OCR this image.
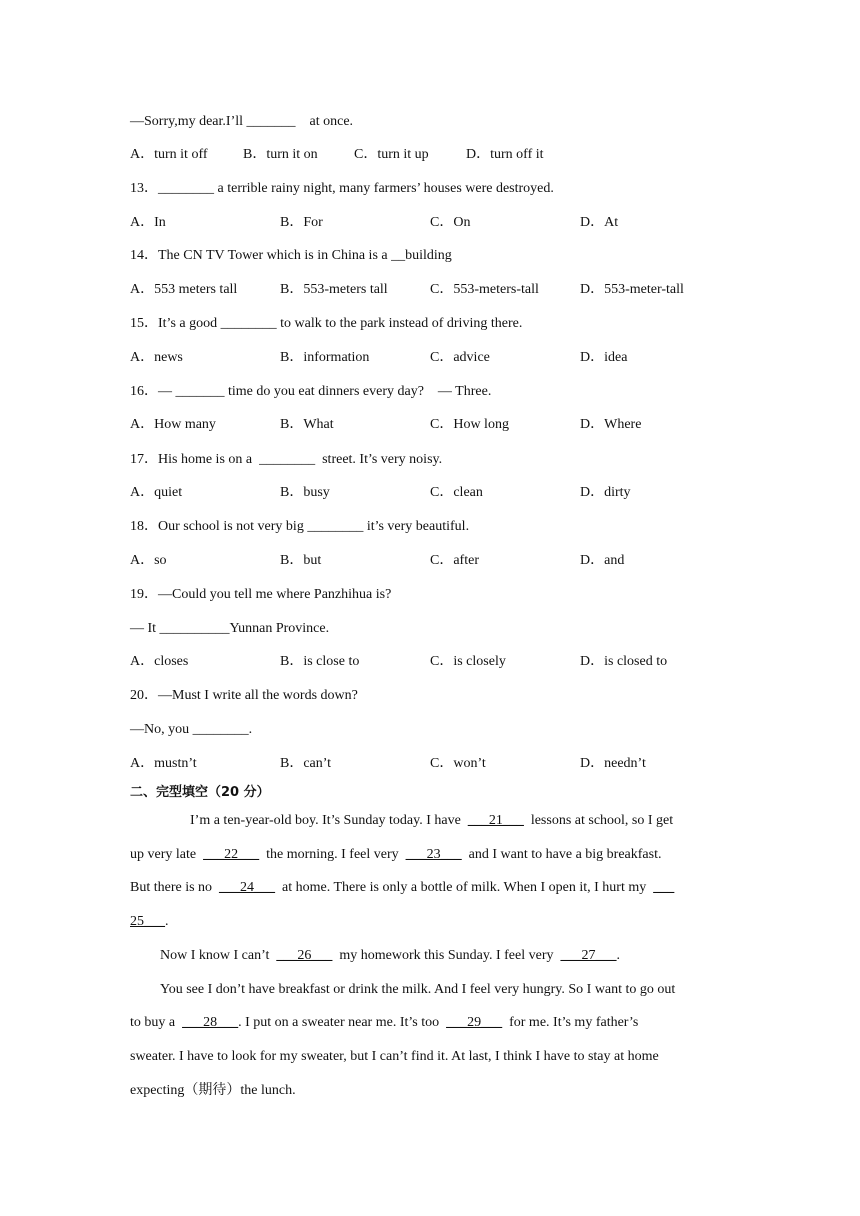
—Sorry,my dear.I’ll _______    at once.
A．turn it off	B．turn it on	C．turn it up	D．turn off it
13．________ a terrible rainy night, many farmers’ houses were destroyed.
A．In	B．For	C．On	D．At
14．The CN TV Tower which is in China is a __building
A．553 meters tall	B．553-meters tall	C．553-meters-tall	D．553-meter-tall
15．It’s a good ________ to walk to the park instead of driving there.
A．news	B．information	C．advice	D．idea
16．— _______ time do you eat dinners every day?    — Three.
A．How many	B．What	C．How long	D．Where
17．His home is on a  ________  street. It’s very noisy.
A．quiet	B．busy	C．clean	D．dirty
18．Our school is not very big ________ it’s very beautiful.
A．so	B．but	C．after	D．and
19．—Could you tell me where Panzhihua is?
— It __________Yunnan Province.
A．closes	B．is close to	C．is closely	D．is closed to
20．—Must I write all the words down?
—No, you ________.
A．mustn’t	B．can’t	C．won’t	D．needn’t
二、完型填空（20 分）
I’m a ten-year-old boy. It’s Sunday today. I have  ___21___  lessons at school, so I get
up very late  ___22___  the morning. I feel very  ___23___  and I want to have a big breakfast.
But there is no  ___24___  at home. There is only a bottle of milk. When I open it, I hurt my  ___
25___.
Now I know I can’t  ___26___  my homework this Sunday. I feel very  ___27___.
You see I don’t have breakfast or drink the milk. And I feel very hungry. So I want to go out
to buy a  ___28___. I put on a sweater near me. It’s too  ___29___  for me. It’s my father’s
sweater. I have to look for my sweater, but I can’t find it. At last, I think I have to stay at home
expecting（期待）the lunch.
